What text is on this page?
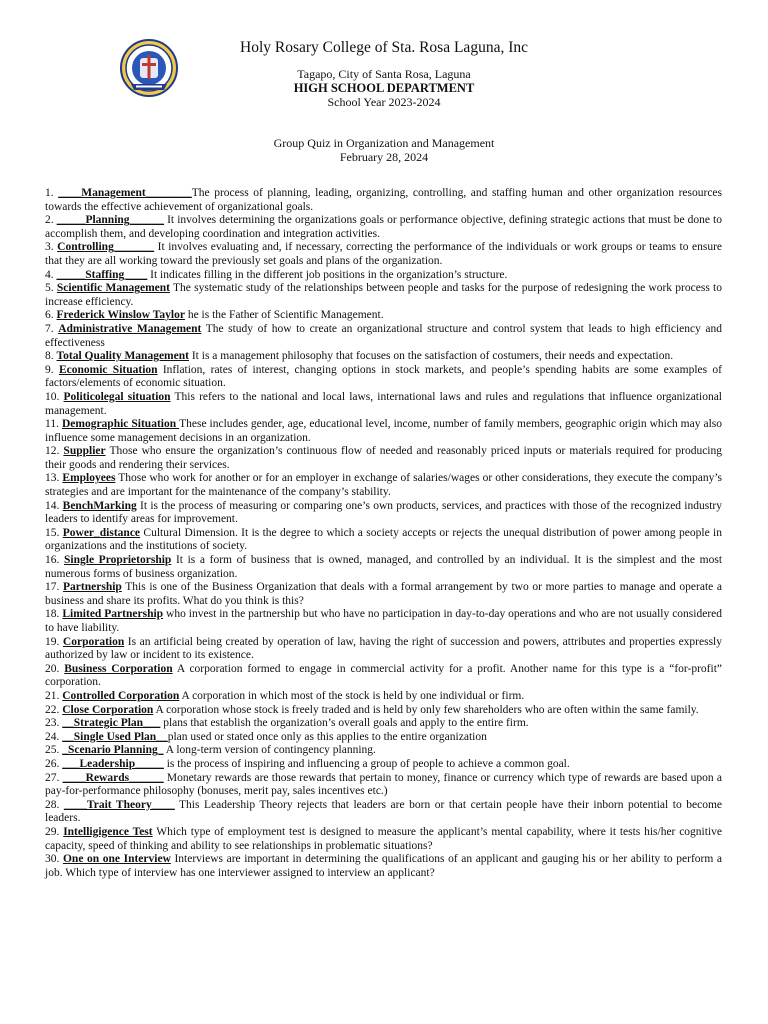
Holy Rosary College of Sta. Rosa Laguna, Inc
Tagapo, City of Santa Rosa, Laguna
HIGH SCHOOL DEPARTMENT
School Year 2023-2024
Group Quiz in Organization and Management
February 28, 2024
1. ____Management________The process of planning, leading, organizing, controlling, and staffing human and other organization resources towards the effective achievement of organizational goals.
2. _____Planning______ It involves determining the organizations goals or performance objective, defining strategic actions that must be done to accomplish them, and developing coordination and integration activities.
3. Controlling_______ It involves evaluating and, if necessary, correcting the performance of the individuals or work groups or teams to ensure that they are all working toward the previously set goals and plans of the organization.
4. _____Staffing____ It indicates filling in the different job positions in the organization’s structure.
5. Scientific Management The systematic study of the relationships between people and tasks for the purpose of redesigning the work process to increase efficiency.
6. Frederick Winslow Taylor he is the Father of Scientific Management.
7. Administrative Management The study of how to create an organizational structure and control system that leads to high efficiency and effectiveness
8. Total Quality Management It is a management philosophy that focuses on the satisfaction of costumers, their needs and expectation.
9. Economic Situation Inflation, rates of interest, changing options in stock markets, and people’s spending habits are some examples of factors/elements of economic situation.
10. Politicolegal situation This refers to the national and local laws, international laws and rules and regulations that influence organizational management.
11. Demographic Situation These includes gender, age, educational level, income, number of family members, geographic origin which may also influence some management decisions in an organization.
12. Supplier Those who ensure the organization’s continuous flow of needed and reasonably priced inputs or materials required for producing their goods and rendering their services.
13. Employees Those who work for another or for an employer in exchange of salaries/wages or other considerations, they execute the company’s strategies and are important for the maintenance of the company’s stability.
14. BenchMarking It is the process of measuring or comparing one’s own products, services, and practices with those of the recognized industry leaders to identify areas for improvement.
15. Power_distance Cultural Dimension. It is the degree to which a society accepts or rejects the unequal distribution of power among people in organizations and the institutions of society.
16. Single Proprietorship It is a form of business that is owned, managed, and controlled by an individual. It is the simplest and the most numerous forms of business organization.
17. Partnership This is one of the Business Organization that deals with a formal arrangement by two or more parties to manage and operate a business and share its profits. What do you think is this?
18. Limited Partnership who invest in the partnership but who have no participation in day-to-day operations and who are not usually considered to have liability.
19. Corporation Is an artificial being created by operation of law, having the right of succession and powers, attributes and properties expressly authorized by law or incident to its existence.
20. Business Corporation A corporation formed to engage in commercial activity for a profit. Another name for this type is a “for-profit” corporation.
21. Controlled Corporation A corporation in which most of the stock is held by one individual or firm.
22. Close Corporation A corporation whose stock is freely traded and is held by only few shareholders who are often within the same family.
23. __Strategic Plan___ plans that establish the organization’s overall goals and apply to the entire firm.
24. __Single Used Plan__plan used or stated once only as this applies to the entire organization
25. _Scenario Planning_ A long-term version of contingency planning.
26. ___Leadership_____ is the process of inspiring and influencing a group of people to achieve a common goal.
27. ____Rewards______ Monetary rewards are those rewards that pertain to money, finance or currency which type of rewards are based upon a pay-for-performance philosophy (bonuses, merit pay, sales incentives etc.)
28. ____Trait Theory____ This Leadership Theory rejects that leaders are born or that certain people have their inborn potential to become leaders.
29. Intelligigence Test Which type of employment test is designed to measure the applicant’s mental capability, where it tests his/her cognitive capacity, speed of thinking and ability to see relationships in problematic situations?
30. One on one Interview Interviews are important in determining the qualifications of an applicant and gauging his or her ability to perform a job. Which type of interview has one interviewer assigned to interview an applicant?
